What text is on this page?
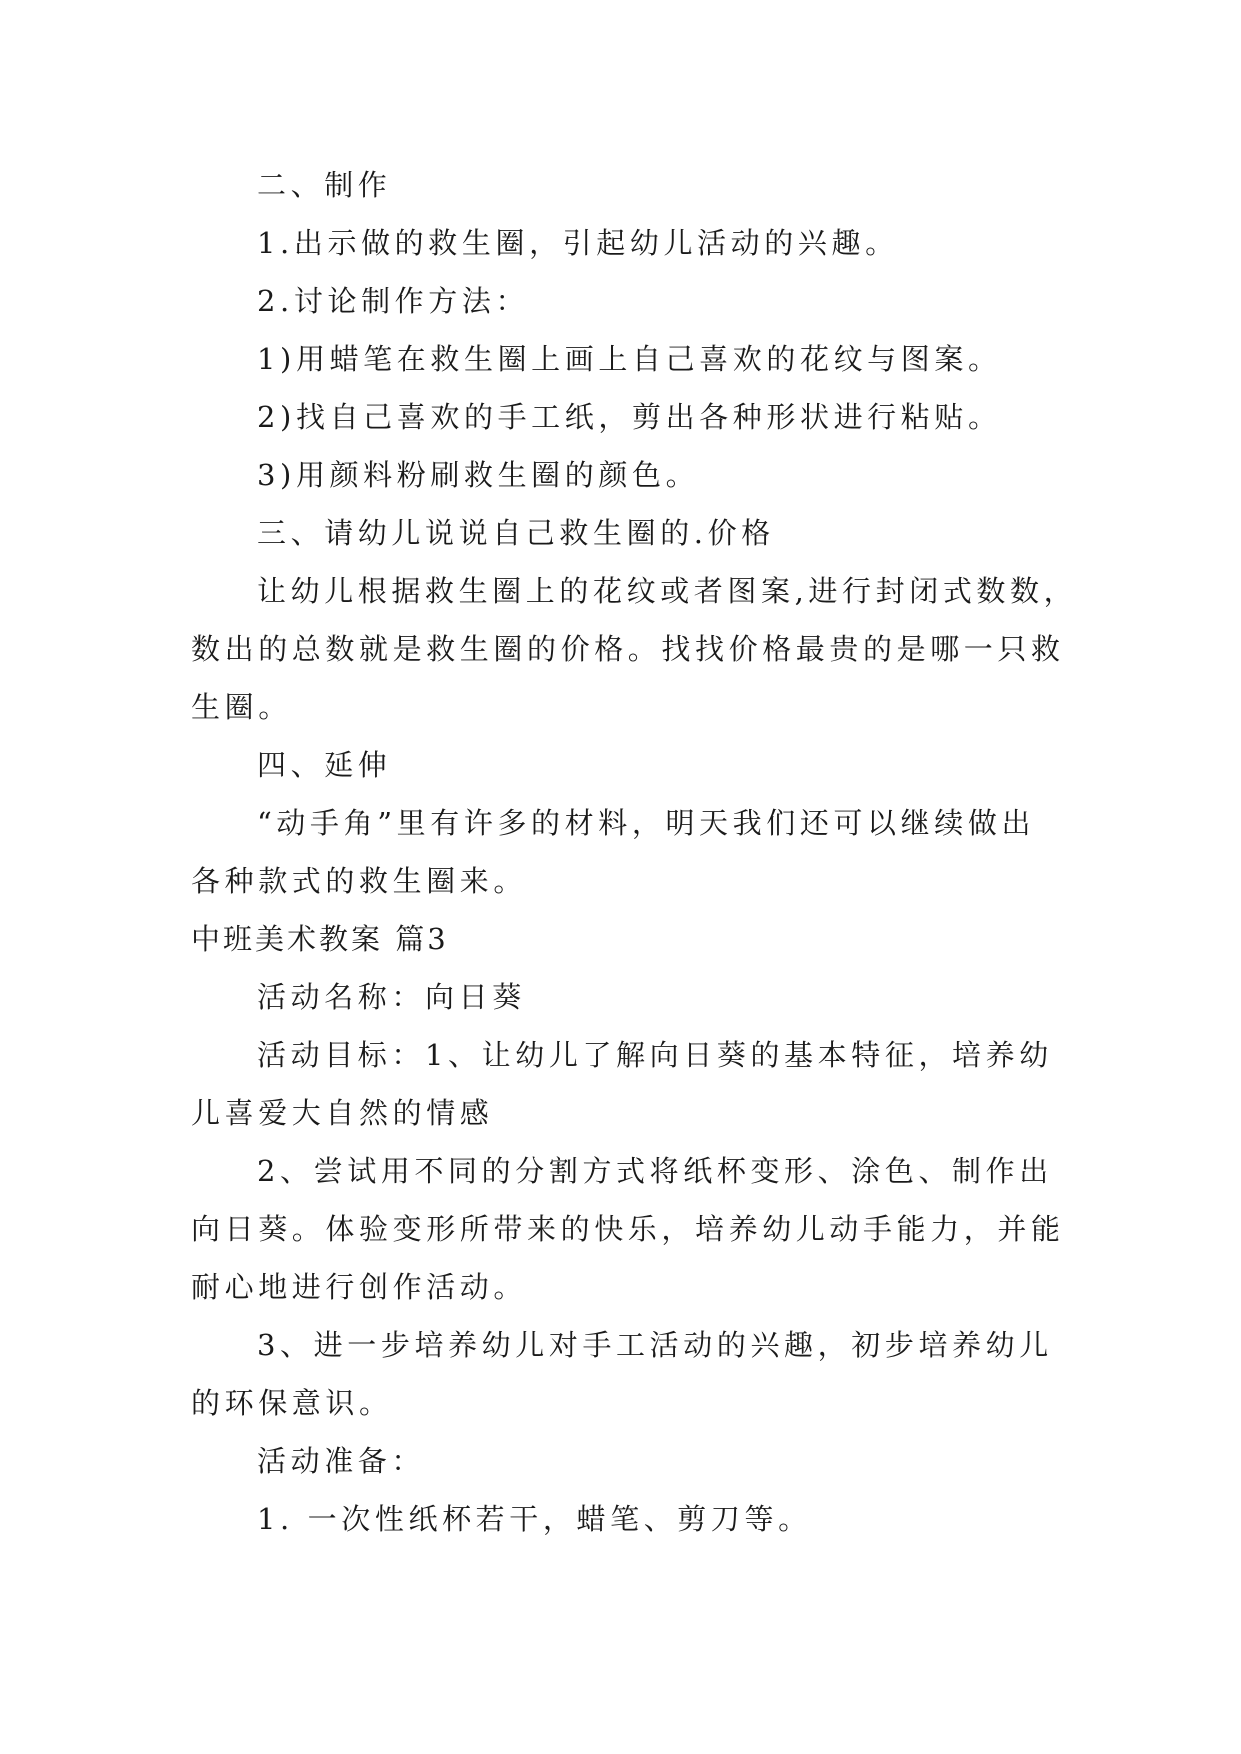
二、制作
1.出示做的救生圈，引起幼儿活动的兴趣。
2.讨论制作方法：
1)用蜡笔在救生圈上画上自己喜欢的花纹与图案。
2)找自己喜欢的手工纸，剪出各种形状进行粘贴。
3)用颜料粉刷救生圈的颜色。
三、请幼儿说说自己救生圈的.价格
让幼儿根据救生圈上的花纹或者图案,进行封闭式数数，
数出的总数就是救生圈的价格。找找价格最贵的是哪一只救
生圈。
四、延伸
“动手角”里有许多的材料，明天我们还可以继续做出
各种款式的救生圈来。
中班美术教案 篇3
活动名称：向日葵
活动目标：1、让幼儿了解向日葵的基本特征，培养幼
儿喜爱大自然的情感
2、尝试用不同的分割方式将纸杯变形、涂色、制作出
向日葵。体验变形所带来的快乐，培养幼儿动手能力，并能
耐心地进行创作活动。
3、进一步培养幼儿对手工活动的兴趣，初步培养幼儿
的环保意识。
活动准备：
1. 一次性纸杯若干，蜡笔、剪刀等。
